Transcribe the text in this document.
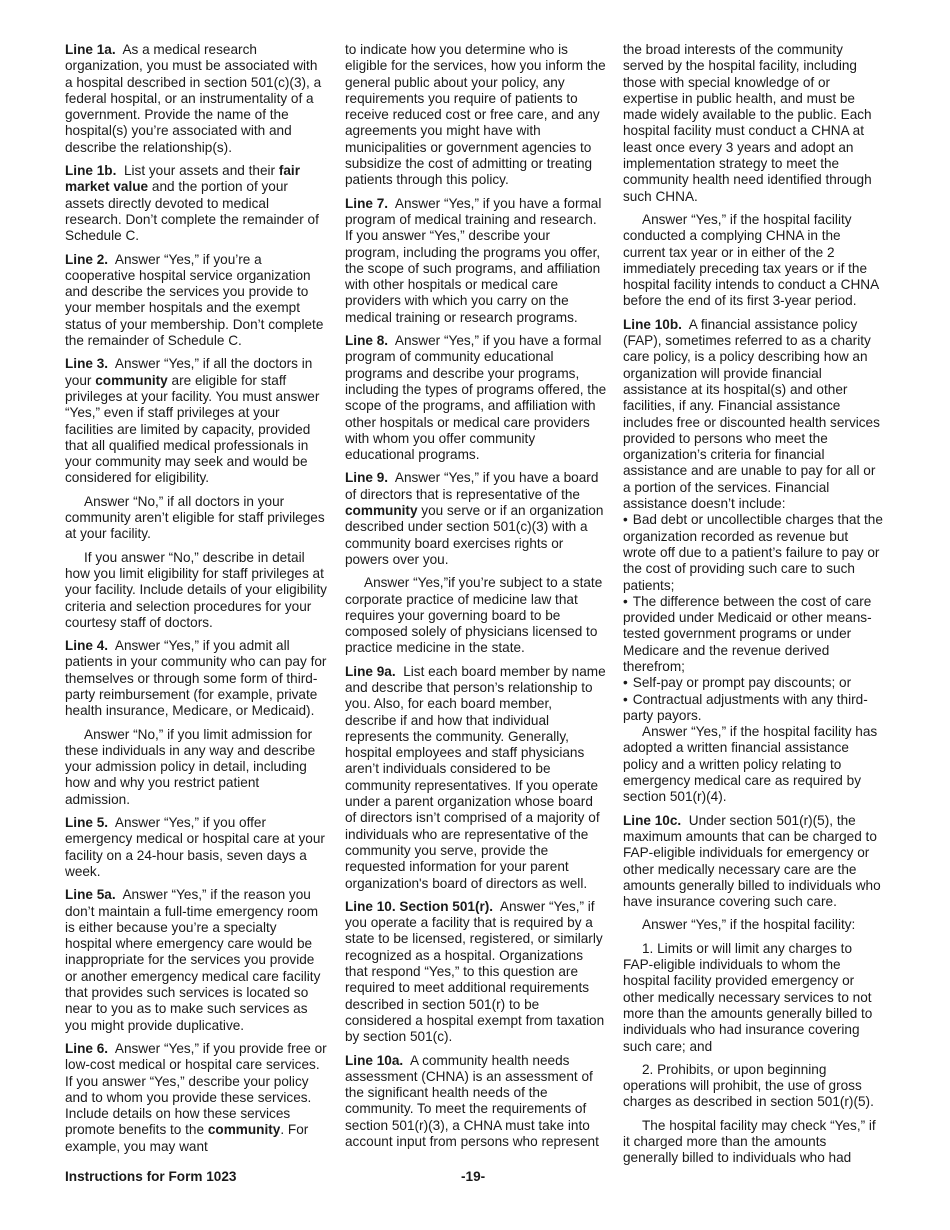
Line 1a. As a medical research organization, you must be associated with a hospital described in section 501(c)(3), a federal hospital, or an instrumentality of a government. Provide the name of the hospital(s) you’re associated with and describe the relationship(s).

Line 1b. List your assets and their fair market value and the portion of your assets directly devoted to medical research. Don’t complete the remainder of Schedule C.

Line 2. Answer “Yes,” if you’re a cooperative hospital service organization and describe the services you provide to your member hospitals and the exempt status of your membership. Don’t complete the remainder of Schedule C.

Line 3. Answer “Yes,” if all the doctors in your community are eligible for staff privileges at your facility. You must answer “Yes,” even if staff privileges at your facilities are limited by capacity, provided that all qualified medical professionals in your community may seek and would be considered for eligibility.

Answer “No,” if all doctors in your community aren’t eligible for staff privileges at your facility.

If you answer “No,” describe in detail how you limit eligibility for staff privileges at your facility. Include details of your eligibility criteria and selection procedures for your courtesy staff of doctors.

Line 4. Answer “Yes,” if you admit all patients in your community who can pay for themselves or through some form of third-party reimbursement (for example, private health insurance, Medicare, or Medicaid).

Answer “No,” if you limit admission for these individuals in any way and describe your admission policy in detail, including how and why you restrict patient admission.

Line 5. Answer “Yes,” if you offer emergency medical or hospital care at your facility on a 24-hour basis, seven days a week.

Line 5a. Answer “Yes,” if the reason you don’t maintain a full-time emergency room is either because you’re a specialty hospital where emergency care would be inappropriate for the services you provide or another emergency medical care facility that provides such services is located so near to you as to make such services as you might provide duplicative.

Line 6. Answer “Yes,” if you provide free or low-cost medical or hospital care services. If you answer “Yes,” describe your policy and to whom you provide these services. Include details on how these services promote benefits to the community. For example, you may want

to indicate how you determine who is eligible for the services, how you inform the general public about your policy, any requirements you require of patients to receive reduced cost or free care, and any agreements you might have with municipalities or government agencies to subsidize the cost of admitting or treating patients through this policy.

Line 7. Answer “Yes,” if you have a formal program of medical training and research. If you answer “Yes,” describe your program, including the programs you offer, the scope of such programs, and affiliation with other hospitals or medical care providers with which you carry on the medical training or research programs.

Line 8. Answer “Yes,” if you have a formal program of community educational programs and describe your programs, including the types of programs offered, the scope of the programs, and affiliation with other hospitals or medical care providers with whom you offer community educational programs.

Line 9. Answer “Yes,” if you have a board of directors that is representative of the community you serve or if an organization described under section 501(c)(3) with a community board exercises rights or powers over you.

Answer “Yes,”if you’re subject to a state corporate practice of medicine law that requires your governing board to be composed solely of physicians licensed to practice medicine in the state.

Line 9a. List each board member by name and describe that person’s relationship to you. Also, for each board member, describe if and how that individual represents the community. Generally, hospital employees and staff physicians aren’t individuals considered to be community representatives. If you operate under a parent organization whose board of directors isn’t comprised of a majority of individuals who are representative of the community you serve, provide the requested information for your parent organization's board of directors as well.

Line 10. Section 501(r). Answer “Yes,” if you operate a facility that is required by a state to be licensed, registered, or similarly recognized as a hospital. Organizations that respond “Yes,” to this question are required to meet additional requirements described in section 501(r) to be considered a hospital exempt from taxation by section 501(c).

Line 10a. A community health needs assessment (CHNA) is an assessment of the significant health needs of the community. To meet the requirements of section 501(r)(3), a CHNA must take into account input from persons who represent

the broad interests of the community served by the hospital facility, including those with special knowledge of or expertise in public health, and must be made widely available to the public. Each hospital facility must conduct a CHNA at least once every 3 years and adopt an implementation strategy to meet the community health need identified through such CHNA.

Answer “Yes,” if the hospital facility conducted a complying CHNA in the current tax year or in either of the 2 immediately preceding tax years or if the hospital facility intends to conduct a CHNA before the end of its first 3-year period.

Line 10b. A financial assistance policy (FAP), sometimes referred to as a charity care policy, is a policy describing how an organization will provide financial assistance at its hospital(s) and other facilities, if any. Financial assistance includes free or discounted health services provided to persons who meet the organization’s criteria for financial assistance and are unable to pay for all or a portion of the services. Financial assistance doesn’t include:

• Bad debt or uncollectible charges that the organization recorded as revenue but wrote off due to a patient’s failure to pay or the cost of providing such care to such patients;

• The difference between the cost of care provided under Medicaid or other means-tested government programs or under Medicare and the revenue derived therefrom;

• Self-pay or prompt pay discounts; or

• Contractual adjustments with any third-party payors.

Answer “Yes,” if the hospital facility has adopted a written financial assistance policy and a written policy relating to emergency medical care as required by section 501(r)(4).

Line 10c. Under section 501(r)(5), the maximum amounts that can be charged to FAP-eligible individuals for emergency or other medically necessary care are the amounts generally billed to individuals who have insurance covering such care.

Answer “Yes,” if the hospital facility:

1. Limits or will limit any charges to FAP-eligible individuals to whom the hospital facility provided emergency or other medically necessary services to not more than the amounts generally billed to individuals who had insurance covering such care; and

2. Prohibits, or upon beginning operations will prohibit, the use of gross charges as described in section 501(r)(5).

The hospital facility may check “Yes,” if it charged more than the amounts generally billed to individuals who had

Instructions for Form 1023	-19-
